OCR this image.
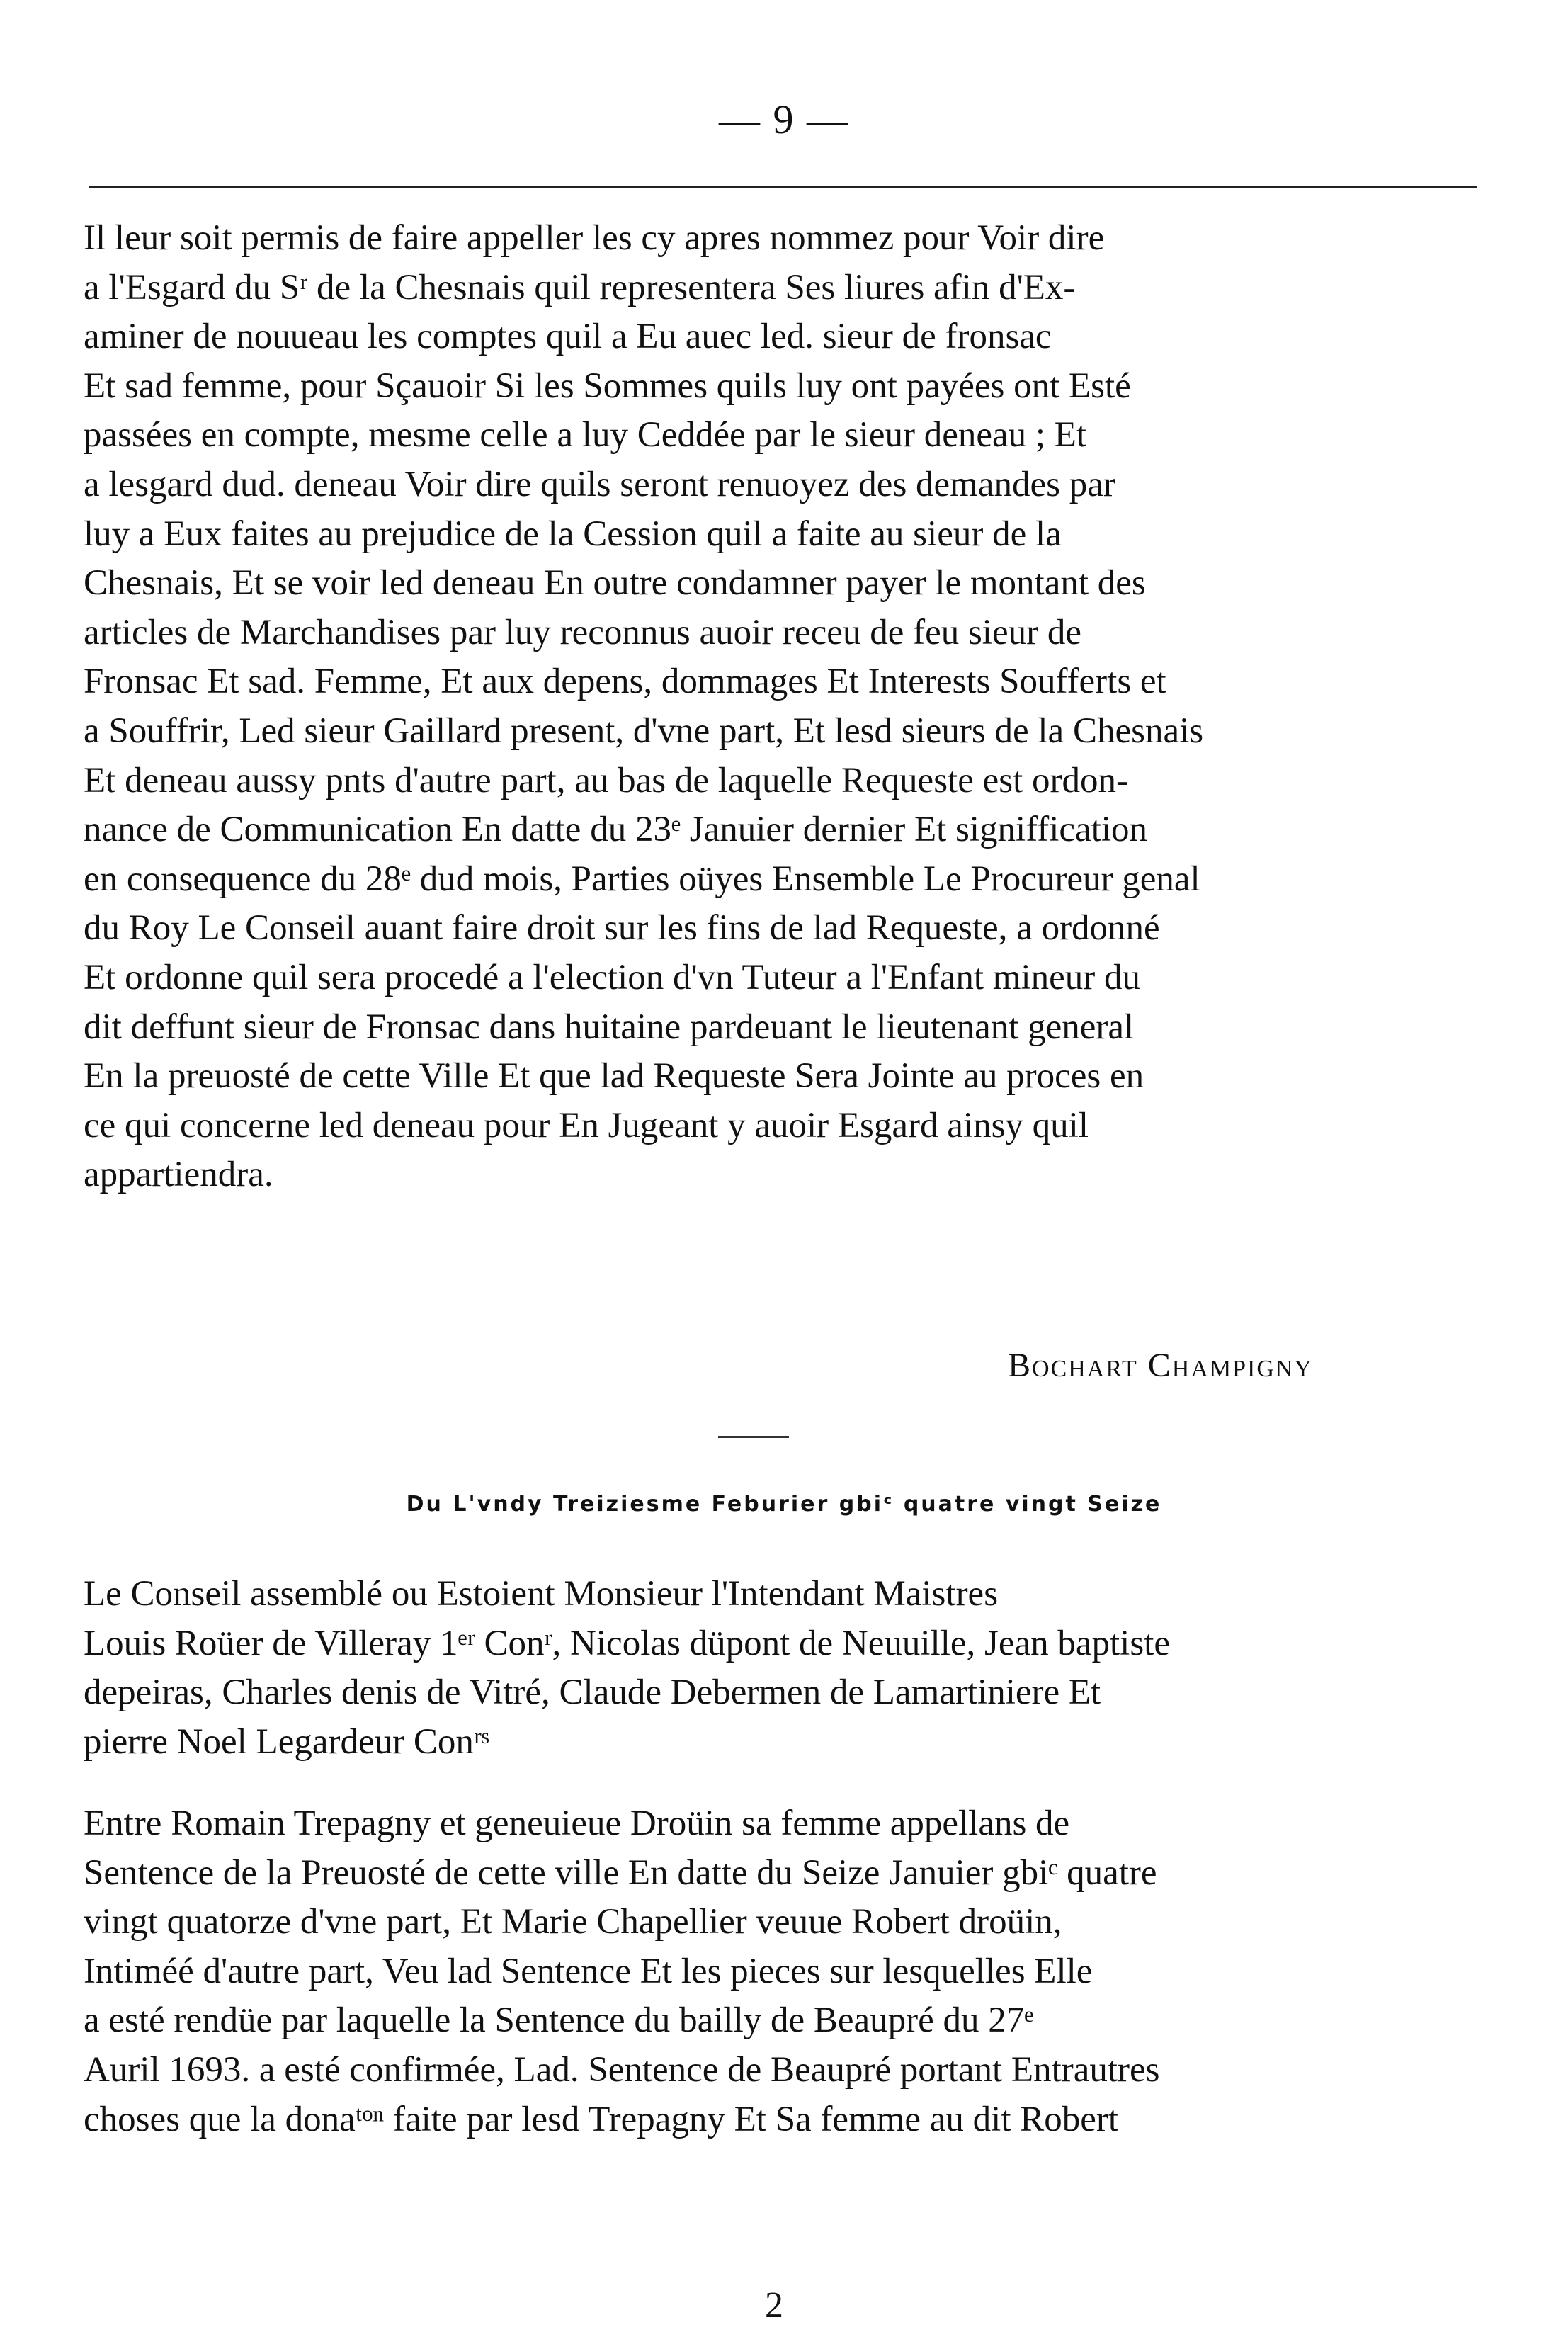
— 9 —
Il leur soit permis de faire appeller les cy apres nommez pour Voir dire
a l'Esgard du Sʳ de la Chesnais quil representera Ses liures afin d'Ex-
aminer de nouueau les comptes quil a Eu auec led. sieur de fronsac
Et sad femme, pour Sçauoir Si les Sommes quils luy ont payées ont Esté
passées en compte, mesme celle a luy Ceddée par le sieur deneau ; Et
a lesgard dud. deneau Voir dire quils seront renuoyez des demandes par
luy a Eux faites au prejudice de la Cession quil a faite au sieur de la
Chesnais, Et se voir led deneau En outre condamner payer le montant des
articles de Marchandises par luy reconnus auoir receu de feu sieur de
Fronsac Et sad. Femme, Et aux depens, dommages Et Interests Soufferts et
a Souffrir, Led sieur Gaillard present, d'vne part, Et lesd sieurs de la Chesnais
Et deneau aussy pnts d'autre part, au bas de laquelle Requeste est ordon-
nance de Communication En datte du 23ᵉ Januier dernier Et signiffication
en consequence du 28ᵉ dud mois, Parties oüyes Ensemble Le Procureur genal
du Roy Le Conseil auant faire droit sur les fins de lad Requeste, a ordonné
Et ordonne quil sera procedé a l'election d'vn Tuteur a l'Enfant mineur du
dit deffunt sieur de Fronsac dans huitaine pardeuant le lieutenant general
En la preuosté de cette Ville Et que lad Requeste Sera Jointe au proces en
ce qui concerne led deneau pour En Jugeant y auoir Esgard ainsy quil
appartiendra.
Bochart Champigny
Du L'vndy Treiziesme Feburier gbiᶜ quatre vingt Seize
Le Conseil assemblé ou Estoient Monsieur l'Intendant Maistres
Louis Roüer de Villeray 1ᵉʳ Conʳ, Nicolas düpont de Neuuille, Jean baptiste
depeiras, Charles denis de Vitré, Claude Debermen de Lamartiniere Et
pierre Noel Legardeur Conʳˢ
Entre Romain Trepagny et geneuieue Droüin sa femme appellans de
Sentence de la Preuosté de cette ville En datte du Seize Januier gbiᶜ quatre
vingt quatorze d'vne part, Et Marie Chapellier veuue Robert droüin,
Intiméé d'autre part, Veu lad Sentence Et les pieces sur lesquelles Elle
a esté rendüe par laquelle la Sentence du bailly de Beaupré du 27ᵉ
Auril 1693. a esté confirmée, Lad. Sentence de Beaupré portant Entrautres
choses que la donaᵗᵒⁿ faite par lesd Trepagny Et Sa femme au dit Robert
2
